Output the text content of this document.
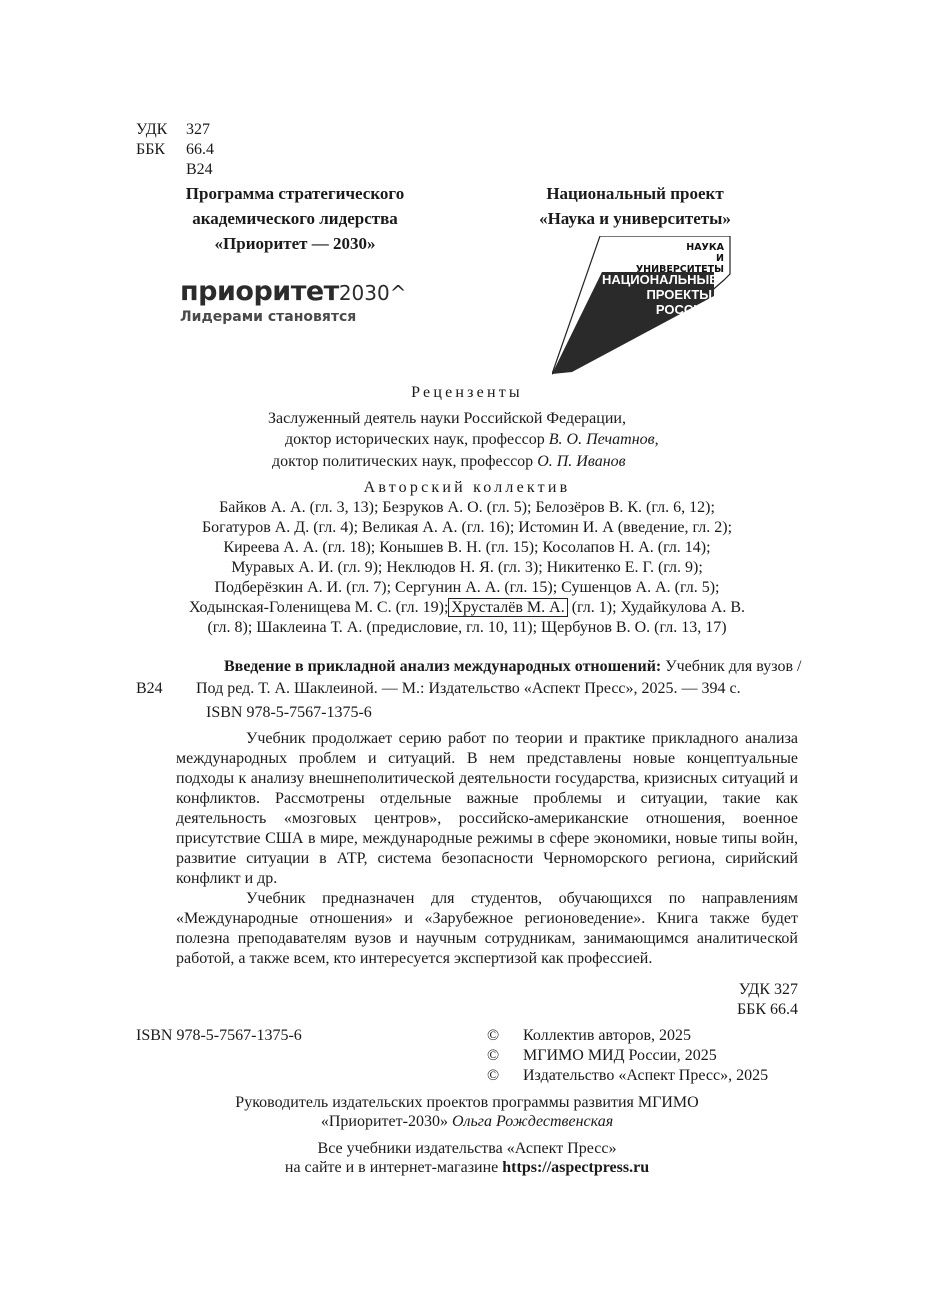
УДК 327
ББК 66.4
В24
Программа стратегического
академического лидерства
«Приоритет — 2030»
Национальный проект
«Наука и университеты»
приоритет2030^
Лидерами становятся
НАУКА
И УНИВЕРСИТЕТЫ
НАЦИОНАЛЬНЫЕ
ПРОЕКТЫ
РОССИИ
Рецензенты
Заслуженный деятель науки Российской Федерации,
доктор исторических наук, профессор В. О. Печатнов,
доктор политических наук, профессор О. П. Иванов
Авторский коллектив
Байков А. А. (гл. 3, 13); Безруков А. О. (гл. 5); Белозёров В. К. (гл. 6, 12);
Богатуров А. Д. (гл. 4); Великая А. А. (гл. 16); Истомин И. А (введение, гл. 2);
Киреева А. А. (гл. 18); Конышев В. Н. (гл. 15); Косолапов Н. А. (гл. 14);
Муравых А. И. (гл. 9); Неклюдов Н. Я. (гл. 3); Никитенко Е. Г. (гл. 9);
Подберёзкин А. И. (гл. 7); Сергунин А. А. (гл. 15); Сушенцов А. А. (гл. 5);
Ходынская-Голенищева М. С. (гл. 19); Хрусталёв М. А. (гл. 1); Худайкулова А. В.
(гл. 8); Шаклеина Т. А. (предисловие, гл. 10, 11); Щербунов В. О. (гл. 13, 17)
Введение в прикладной анализ международных отношений: Учебник для вузов /
В24 Под ред. Т. А. Шаклеиной. — М.: Издательство «Аспект Пресс», 2025. — 394 с.
ISBN 978-5-7567-1375-6

Учебник продолжает серию работ по теории и практике прикладного анализа международных проблем и ситуаций. В нем представлены новые концептуальные подходы к анализу внешнеполитической деятельности государства, кризисных ситуаций и конфликтов. Рассмотрены отдельные важные проблемы и ситуации, такие как деятельность «мозговых центров», российско-американские отношения, военное присутствие США в мире, международные режимы в сфере экономики, новые типы войн, развитие ситуации в АТР, система безопасности Черноморского региона, сирийский конфликт и др.

Учебник предназначен для студентов, обучающихся по направлениям «Международные отношения» и «Зарубежное регионоведение». Книга также будет полезна преподавателям вузов и научным сотрудникам, занимающимся аналитической работой, а также всем, кто интересуется экспертизой как профессией.

УДК 327
ББК 66.4
ISBN 978-5-7567-1375-6	© Коллектив авторов, 2025
© МГИМО МИД России, 2025
© Издательство «Аспект Пресс», 2025
Руководитель издательских проектов программы развития МГИМО
«Приоритет-2030» Ольга Рождественская
Все учебники издательства «Аспект Пресс»
на сайте и в интернет-магазине https://aspectpress.ru
